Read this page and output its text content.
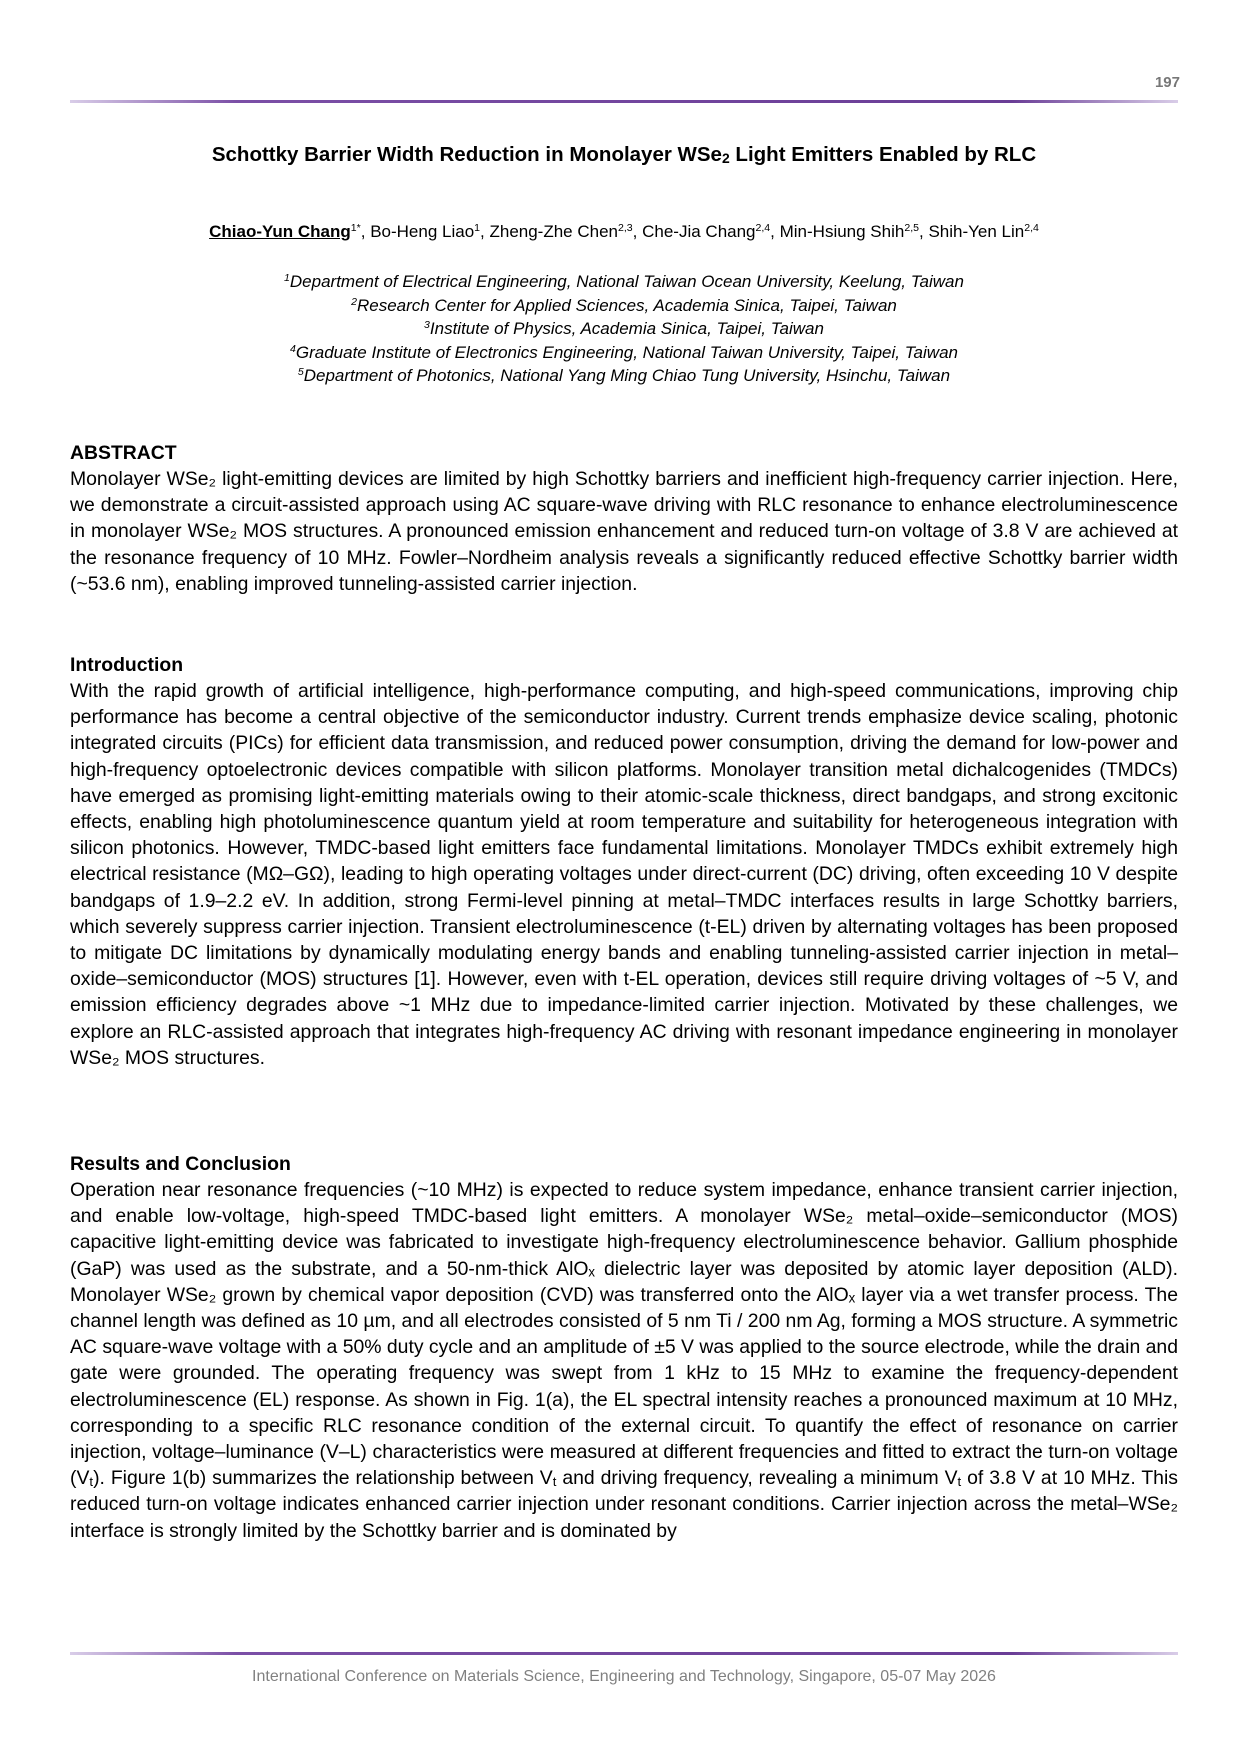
197
Schottky Barrier Width Reduction in Monolayer WSe$_2$ Light Emitters Enabled by RLC
Chiao-Yun Chang$^{1*}$, Bo-Heng Liao$^1$, Zheng-Zhe Chen$^{2,3}$, Che-Jia Chang$^{2,4}$, Min-Hsiung Shih$^{2,5}$, Shih-Yen Lin$^{2,4}$
$^1$Department of Electrical Engineering, National Taiwan Ocean University, Keelung, Taiwan
$^2$Research Center for Applied Sciences, Academia Sinica, Taipei, Taiwan
$^3$Institute of Physics, Academia Sinica, Taipei, Taiwan
$^4$Graduate Institute of Electronics Engineering, National Taiwan University, Taipei, Taiwan
$^5$Department of Photonics, National Yang Ming Chiao Tung University, Hsinchu, Taiwan
ABSTRACT
Monolayer WSe₂ light-emitting devices are limited by high Schottky barriers and inefficient high-frequency carrier injection. Here, we demonstrate a circuit-assisted approach using AC square-wave driving with RLC resonance to enhance electroluminescence in monolayer WSe₂ MOS structures. A pronounced emission enhancement and reduced turn-on voltage of 3.8 V are achieved at the resonance frequency of 10 MHz. Fowler–Nordheim analysis reveals a significantly reduced effective Schottky barrier width (~53.6 nm), enabling improved tunneling-assisted carrier injection.
Introduction
With the rapid growth of artificial intelligence, high-performance computing, and high-speed communications, improving chip performance has become a central objective of the semiconductor industry. Current trends emphasize device scaling, photonic integrated circuits (PICs) for efficient data transmission, and reduced power consumption, driving the demand for low-power and high-frequency optoelectronic devices compatible with silicon platforms. Monolayer transition metal dichalcogenides (TMDCs) have emerged as promising light-emitting materials owing to their atomic-scale thickness, direct bandgaps, and strong excitonic effects, enabling high photoluminescence quantum yield at room temperature and suitability for heterogeneous integration with silicon photonics. However, TMDC-based light emitters face fundamental limitations. Monolayer TMDCs exhibit extremely high electrical resistance (MΩ–GΩ), leading to high operating voltages under direct-current (DC) driving, often exceeding 10 V despite bandgaps of 1.9–2.2 eV. In addition, strong Fermi-level pinning at metal–TMDC interfaces results in large Schottky barriers, which severely suppress carrier injection. Transient electroluminescence (t-EL) driven by alternating voltages has been proposed to mitigate DC limitations by dynamically modulating energy bands and enabling tunneling-assisted carrier injection in metal–oxide–semiconductor (MOS) structures [1]. However, even with t-EL operation, devices still require driving voltages of ~5 V, and emission efficiency degrades above ~1 MHz due to impedance-limited carrier injection. Motivated by these challenges, we explore an RLC-assisted approach that integrates high-frequency AC driving with resonant impedance engineering in monolayer WSe₂ MOS structures.
Results and Conclusion
Operation near resonance frequencies (~10 MHz) is expected to reduce system impedance, enhance transient carrier injection, and enable low-voltage, high-speed TMDC-based light emitters. A monolayer WSe₂ metal–oxide–semiconductor (MOS) capacitive light-emitting device was fabricated to investigate high-frequency electroluminescence behavior. Gallium phosphide (GaP) was used as the substrate, and a 50-nm-thick AlOₓ dielectric layer was deposited by atomic layer deposition (ALD). Monolayer WSe₂ grown by chemical vapor deposition (CVD) was transferred onto the AlOₓ layer via a wet transfer process. The channel length was defined as 10 µm, and all electrodes consisted of 5 nm Ti / 200 nm Ag, forming a MOS structure. A symmetric AC square-wave voltage with a 50% duty cycle and an amplitude of ±5 V was applied to the source electrode, while the drain and gate were grounded. The operating frequency was swept from 1 kHz to 15 MHz to examine the frequency-dependent electroluminescence (EL) response. As shown in Fig. 1(a), the EL spectral intensity reaches a pronounced maximum at 10 MHz, corresponding to a specific RLC resonance condition of the external circuit. To quantify the effect of resonance on carrier injection, voltage–luminance (V–L) characteristics were measured at different frequencies and fitted to extract the turn-on voltage $(V_t)$. Figure 1(b) summarizes the relationship between $V_t$ and driving frequency, revealing a minimum $V_t$ of 3.8 V at 10 MHz. This reduced turn-on voltage indicates enhanced carrier injection under resonant conditions. Carrier injection across the metal–WSe₂ interface is strongly limited by the Schottky barrier and is dominated by
International Conference on Materials Science, Engineering and Technology, Singapore, 05-07 May 2026
